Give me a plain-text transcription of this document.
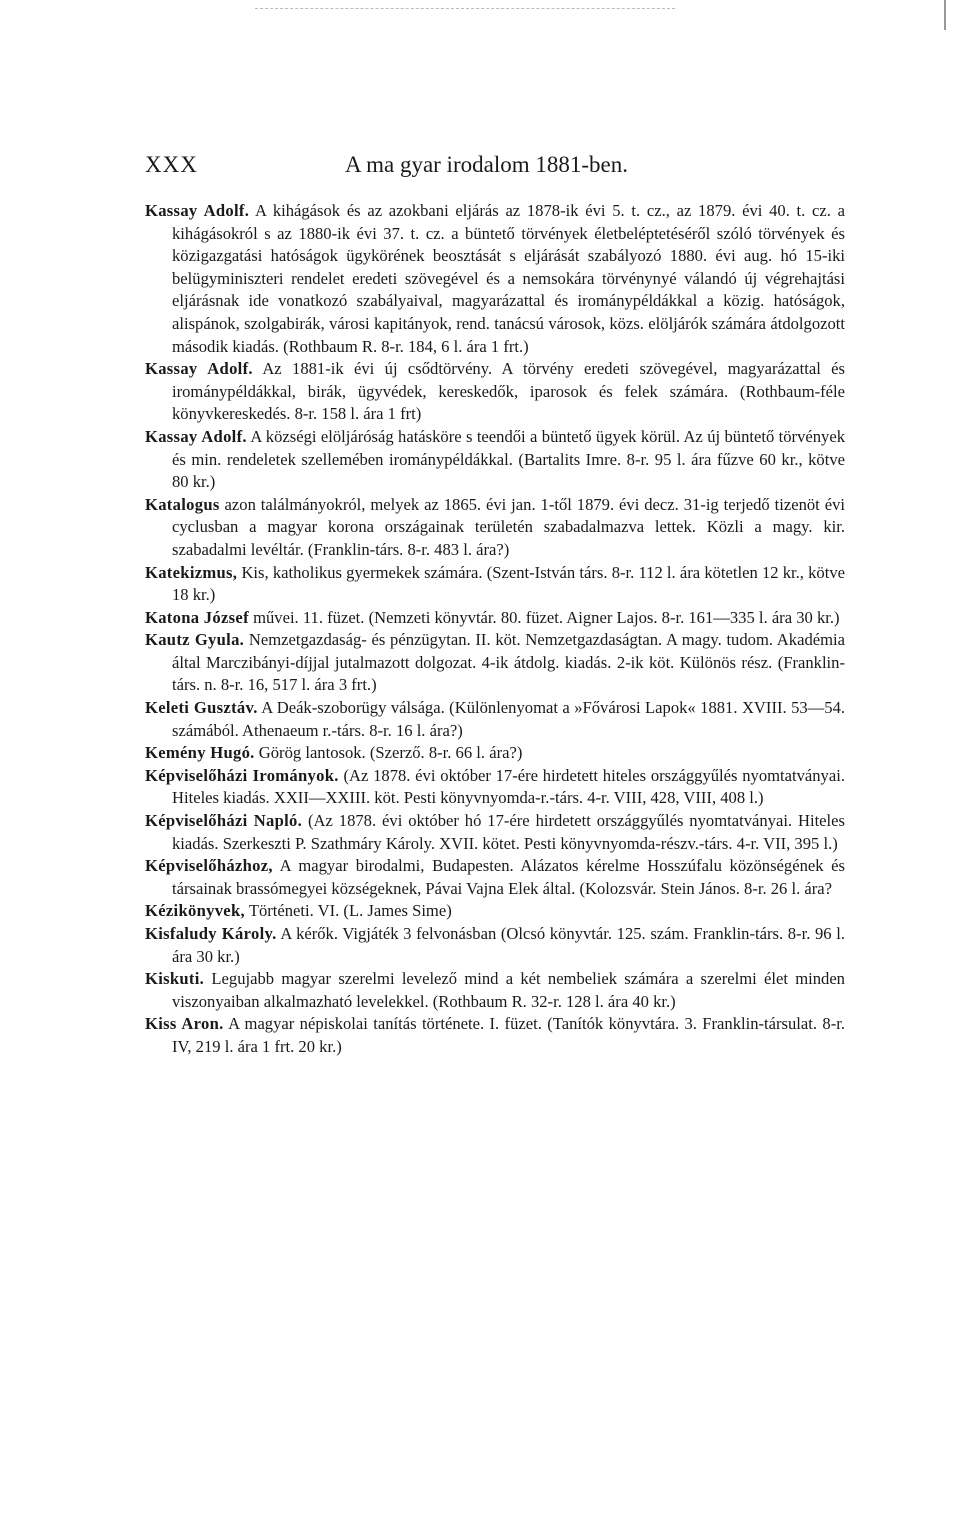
XXX	A ma gyar irodalom 1881-ben.

Kassay Adolf. A kihágások és az azokbani eljárás az 1878-ik évi 5. t. cz., az 1879. évi 40. t. cz. a kihágásokról s az 1880-ik évi 37. t. cz. a büntető törvények életbeléptetéséről szóló törvények és közigazgatási hatóságok ügykörének beosztását s eljárását szabályozó 1880. évi aug. hó 15-iki belügyminiszteri rendelet eredeti szövegével és a nemsokára törvénynyé válandó új végrehajtási eljárásnak ide vonatkozó szabályaival, magyarázattal és irománypéldákkal a közig. hatóságok, alispánok, szolgabirák, városi kapitányok, rend. tanácsú városok, közs. elöljárók számára átdolgozott második kiadás. (Rothbaum R. 8-r. 184, 6 l. ára 1 frt.)

Kassay Adolf. Az 1881-ik évi új csődtörvény. A törvény eredeti szövegével, magyarázattal és irománypéldákkal, birák, ügyvédek, kereskedők, iparosok és felek számára. (Rothbaum-féle könyvkereskedés. 8-r. 158 l. ára 1 frt)

Kassay Adolf. A községi elöljáróság hatásköre s teendői a büntető ügyek körül. Az új büntető törvények és min. rendeletek szellemében irománypéldákkal. (Bartalits Imre. 8-r. 95 l. ára fűzve 60 kr., kötve 80 kr.)

Katalogus azon találmányokról, melyek az 1865. évi jan. 1-től 1879. évi decz. 31-ig terjedő tizenöt évi cyclusban a magyar korona országainak területén szabadalmazva lettek. Közli a magy. kir. szabadalmi levéltár. (Franklin-társ. 8-r. 483 l. ára?)

Katekizmus, Kis, katholikus gyermekek számára. (Szent-István társ. 8-r. 112 l. ára kötetlen 12 kr., kötve 18 kr.)

Katona József művei. 11. füzet. (Nemzeti könyvtár. 80. füzet. Aigner Lajos. 8-r. 161—335 l. ára 30 kr.)

Kautz Gyula. Nemzetgazdaság- és pénzügytan. II. köt. Nemzetgazdaságtan. A magy. tudom. Akadémia által Marczibányi-díjjal jutalmazott dolgozat. 4-ik átdolg. kiadás. 2-ik köt. Különös rész. (Franklin-társ. n. 8-r. 16, 517 l. ára 3 frt.)

Keleti Gusztáv. A Deák-szoborügy válsága. (Különlenyomat a »Fővárosi Lapok« 1881. XVIII. 53—54. számából. Athenaeum r.-társ. 8-r. 16 l. ára?)

Kemény Hugó. Görög lantosok. (Szerző. 8-r. 66 l. ára?)

Képviselőházi Irományok. (Az 1878. évi október 17-ére hirdetett hiteles országgyűlés nyomtatványai. Hiteles kiadás. XXII—XXIII. köt. Pesti könyvnyomda-r.-társ. 4-r. VIII, 428, VIII, 408 l.)

Képviselőházi Napló. (Az 1878. évi október hó 17-ére hirdetett országgyűlés nyomtatványai. Hiteles kiadás. Szerkeszti P. Szathmáry Károly. XVII. kötet. Pesti könyvnyomda-részv.-társ. 4-r. VII, 395 l.)

Képviselőházhoz, A magyar birodalmi, Budapesten. Alázatos kérelme Hosszúfalu közönségének és társainak brassómegyei községeknek, Pávai Vajna Elek által. (Kolozsvár. Stein János. 8-r. 26 l. ára?

Kézikönyvek, Történeti. VI. (L. James Sime)

Kisfaludy Károly. A kérők. Vigjáték 3 felvonásban (Olcsó könyvtár. 125. szám. Franklin-társ. 8-r. 96 l. ára 30 kr.)

Kiskuti. Legujabb magyar szerelmi levelező mind a két nembeliek számára a szerelmi élet minden viszonyaiban alkalmazható levelekkel. (Rothbaum R. 32-r. 128 l. ára 40 kr.)

Kiss Aron. A magyar népiskolai tanítás története. I. füzet. (Tanítók könyvtára. 3. Franklin-társulat. 8-r. IV, 219 l. ára 1 frt. 20 kr.)
